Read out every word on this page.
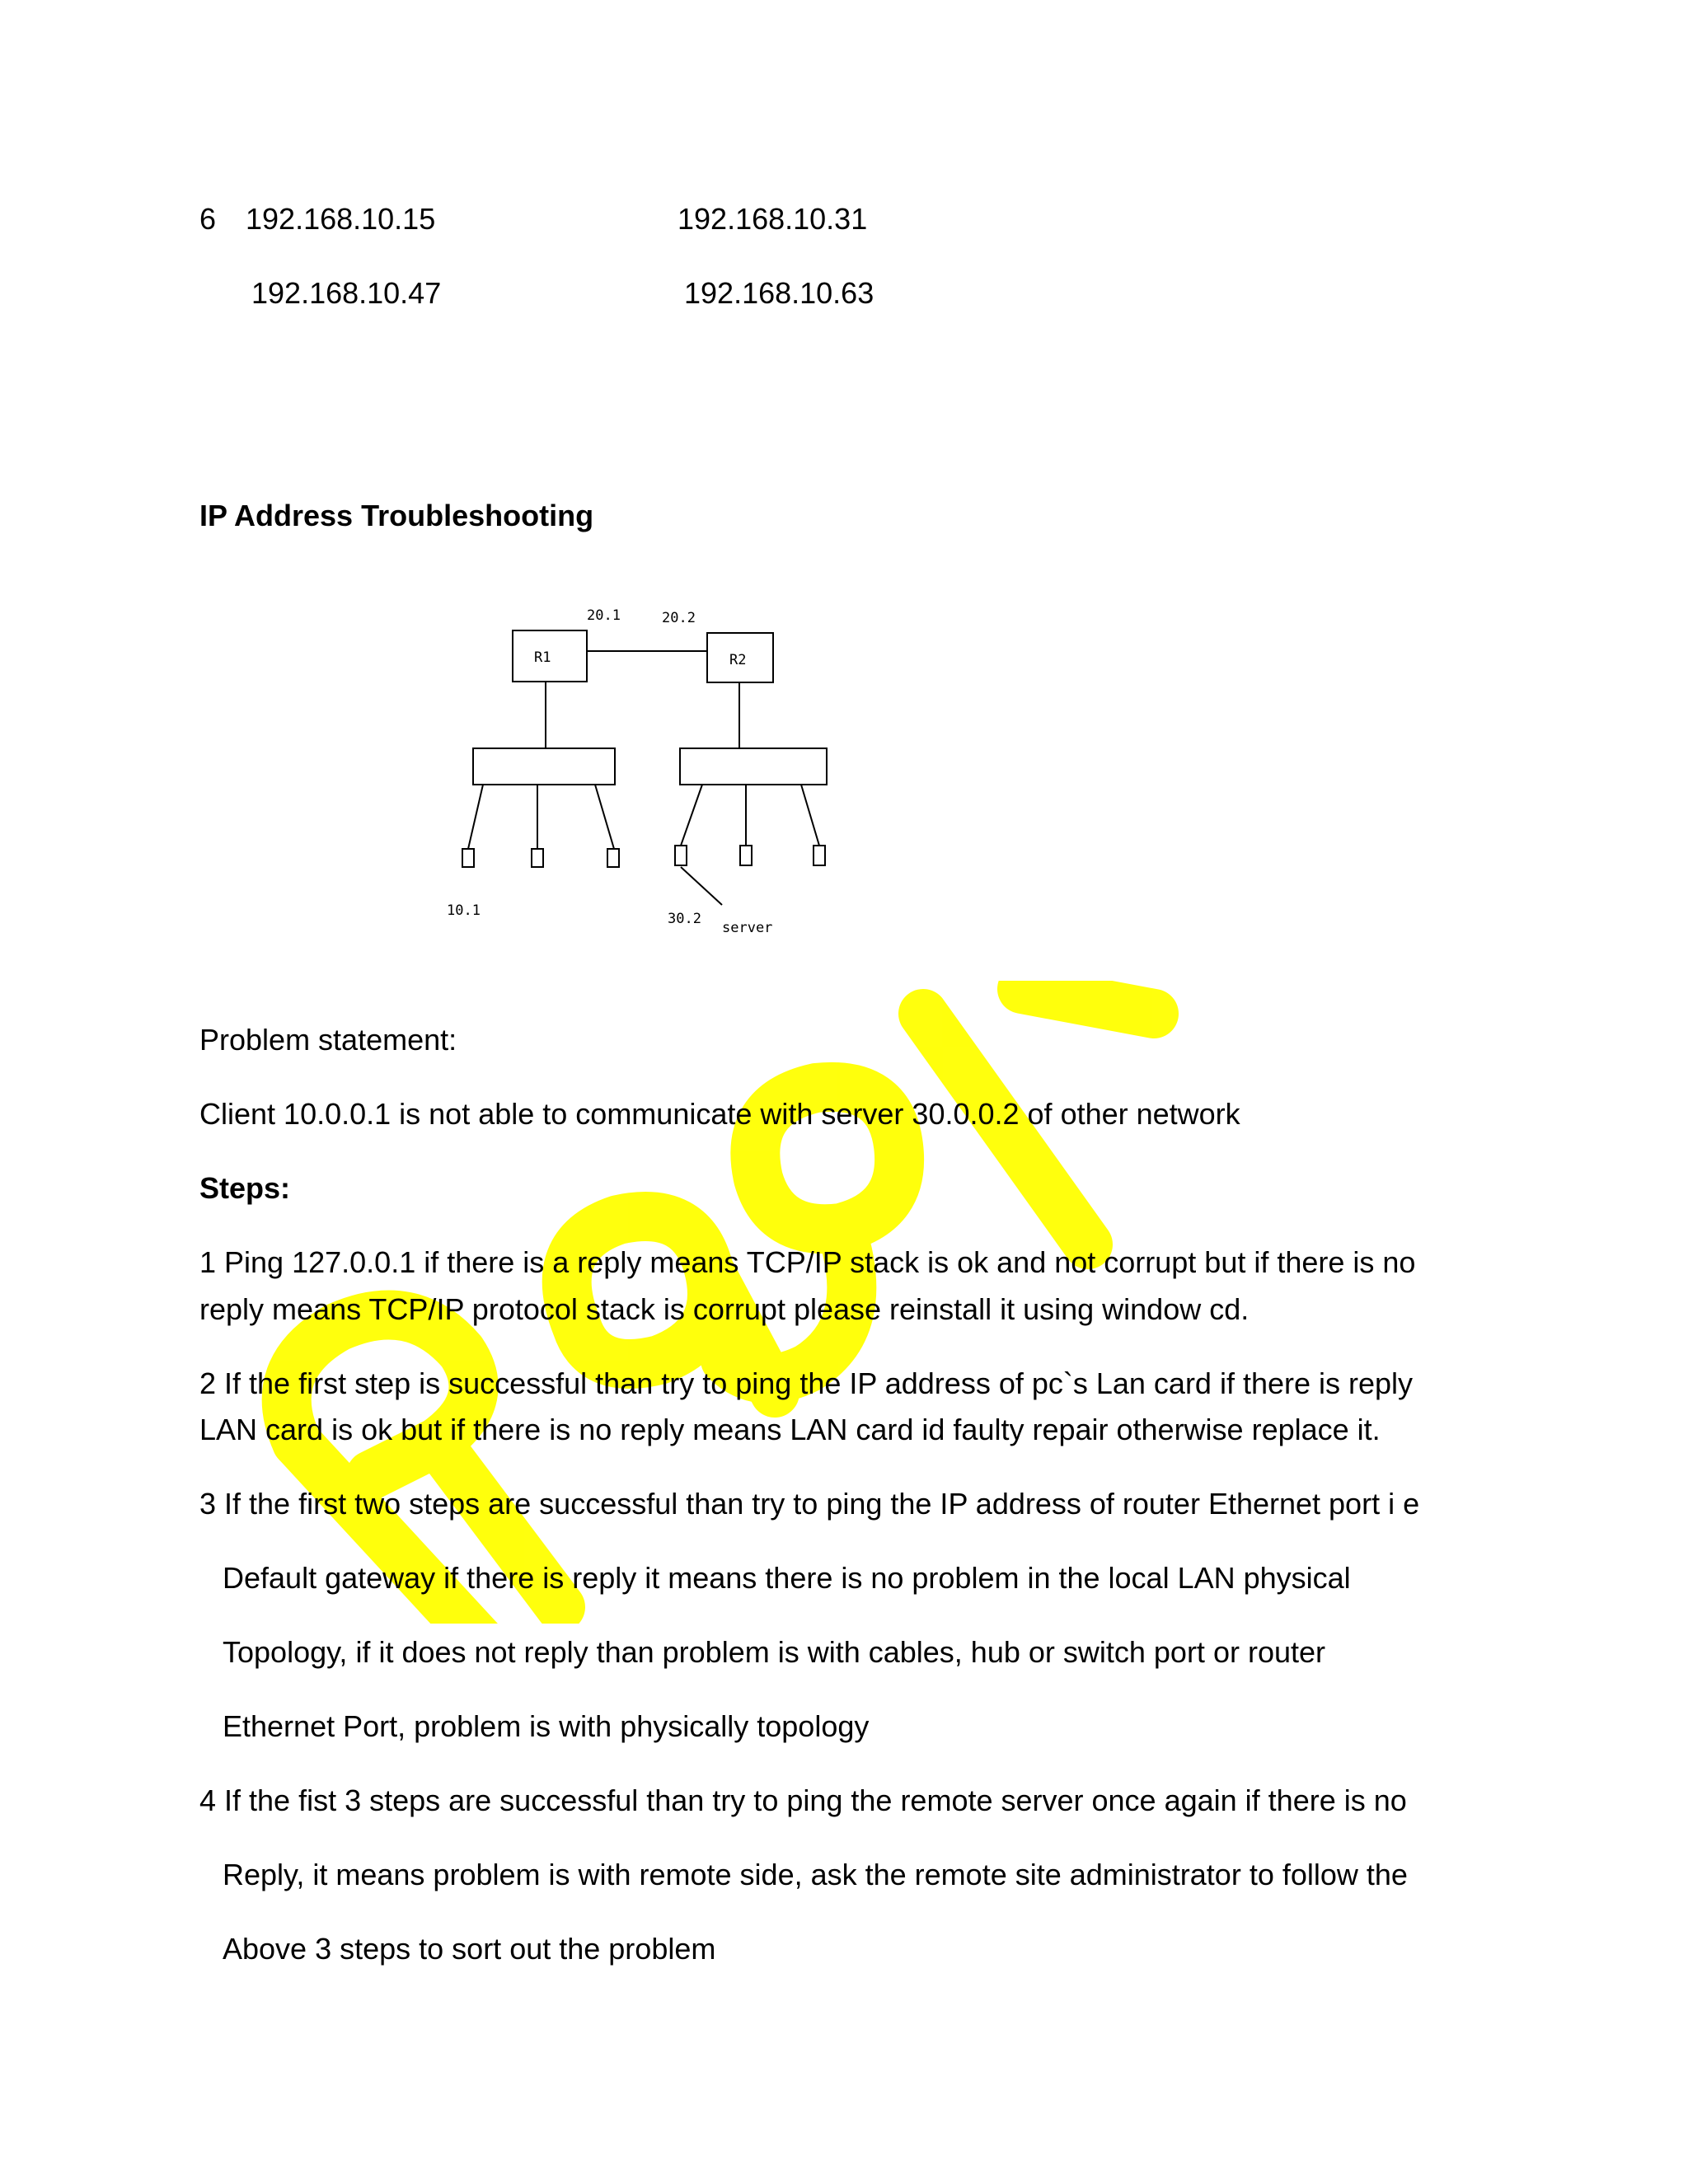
6 192.168.10.15	192.168.10.31
192.168.10.47	192.168.10.63
IP Address Troubleshooting
R1	R2
20.1	20.2
10.1	30.2
server
Problem statement:
Client 10.0.0.1 is not able to communicate with server 30.0.0.2 of other network
Steps:
1 Ping 127.0.0.1 if there is a reply means TCP/IP stack is ok and not corrupt but if there is no
reply means TCP/IP protocol stack is corrupt please reinstall it using window cd.
2 If the first step is successful than try to ping the IP address of pc`s Lan card if there is reply
LAN card is ok but if there is no reply means LAN card id faulty repair otherwise replace it.
3 If the first two steps are successful than try to ping the IP address of router Ethernet port i e
Default gateway if there is reply it means there is no problem in the local LAN physical
Topology, if it does not reply than problem is with cables, hub or switch port or router
Ethernet Port, problem is with physically topology
4 If the fist 3 steps are successful than try to ping the remote server once again if there is no
Reply, it means problem is with remote side, ask the remote site administrator to follow the
Above 3 steps to sort out the problem
